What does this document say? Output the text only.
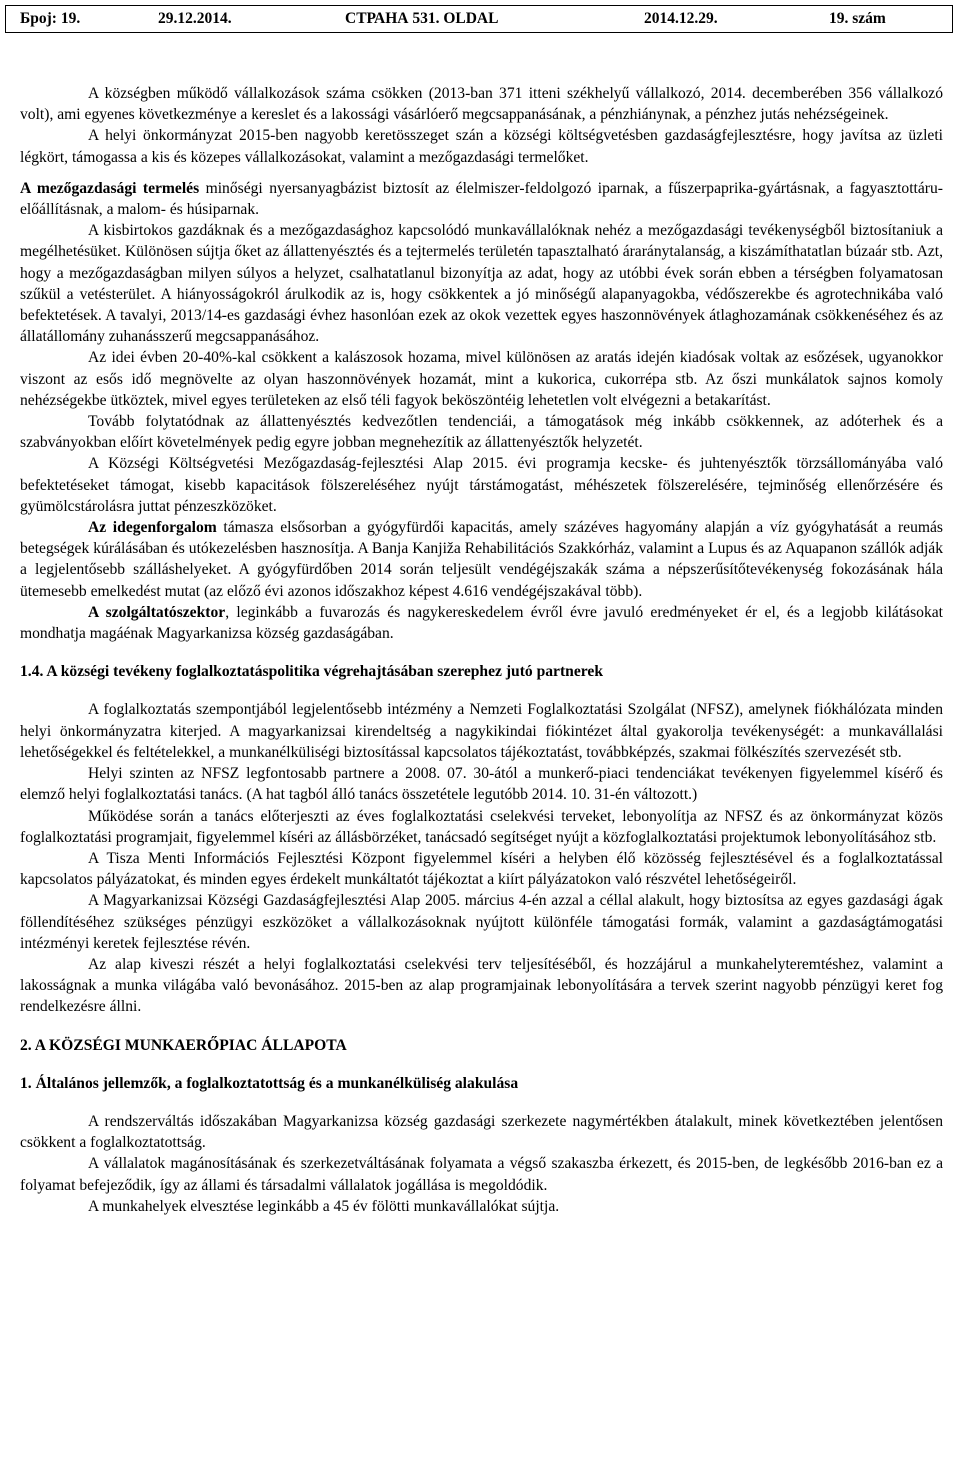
Број: 19.	29.12.2014.	СТРАНА 531. OLDAL	2014.12.29.	19. szám

A községben működő vállalkozások száma csökken (2013-ban 371 itteni székhelyű vállalkozó, 2014. decemberében 356 vállalkozó volt), ami egyenes következménye a kereslet és a lakossági vásárlóerő megcsappanásának, a pénzhiánynak, a pénzhez jutás nehézségeinek.

A helyi önkormányzat 2015-ben nagyobb keretösszeget szán a községi költségvetésben gazdaságfejlesztésre, hogy javítsa az üzleti légkört, támogassa a kis és közepes vállalkozásokat, valamint a mezőgazdasági termelőket.

A mezőgazdasági termelés minőségi nyersanyagbázist biztosít az élelmiszer-feldolgozó iparnak, a fűszerpaprika-gyártásnak, a fagyasztottáru-előállításnak, a malom- és húsiparnak.

A kisbirtokos gazdáknak és a mezőgazdasághoz kapcsolódó munkavállalóknak nehéz a mezőgazdasági tevékenységből biztosítaniuk a megélhetésüket. Különösen sújtja őket az állattenyésztés és a tejtermelés területén tapasztalható áraránytalanság, a kiszámíthatatlan búzaár stb. Azt, hogy a mezőgazdaságban milyen súlyos a helyzet, csalhatatlanul bizonyítja az adat, hogy az utóbbi évek során ebben a térségben folyamatosan szűkül a vetésterület. A hiányosságokról árulkodik az is, hogy csökkentek a jó minőségű alapanyagokba, védőszerekbe és agrotechnikába való befektetések. A tavalyi, 2013/14-es gazdasági évhez hasonlóan ezek az okok vezettek egyes haszonnövények átlaghozamának csökkenéséhez és az állatállomány zuhanásszerű megcsappanásához.

Az idei évben 20-40%-kal csökkent a kalászosok hozama, mivel különösen az aratás idején kiadósak voltak az esőzések, ugyanokkor viszont az esős idő megnövelte az olyan haszonnövények hozamát, mint a kukorica, cukorrépa stb. Az őszi munkálatok sajnos komoly nehézségekbe ütköztek, mivel egyes területeken az első téli fagyok beköszöntéig lehetetlen volt elvégezni a betakarítást.

Tovább folytatódnak az állattenyésztés kedvezőtlen tendenciái, a támogatások még inkább csökkennek, az adóterhek és a szabványokban előírt követelmények pedig egyre jobban megnehezítik az állattenyésztők helyzetét.

A Községi Költségvetési Mezőgazdaság-fejlesztési Alap 2015. évi programja kecske- és juhtenyésztők törzsállományába való befektetéseket támogat, kisebb kapacitások fölszereléséhez nyújt társtámogatást, méhészetek fölszerelésére, tejminőség ellenőrzésére és gyümölcstárolásra juttat pénzeszközöket.

Az idegenforgalom támasza elsősorban a gyógyfürdői kapacitás, amely százéves hagyomány alapján a víz gyógyhatását a reumás betegségek kúrálásában és utókezelésben hasznosítja. A Banja Kanjiža Rehabilitációs Szakkórház, valamint a Lupus és az Aquapanon szállók adják a legjelentősebb szálláshelyeket. A gyógyfürdőben 2014 során teljesült vendégéjszakák száma a népszerűsítőtevékenység fokozásának hála ütemesebb emelkedést mutat (az előző évi azonos időszakhoz képest 4.616 vendégéjszakával több).

A szolgáltatószektor, leginkább a fuvarozás és nagykereskedelem évről évre javuló eredményeket ér el, és a legjobb kilátásokat mondhatja magáénak Magyarkanizsa község gazdaságában.

1.4. A községi tevékeny foglalkoztatáspolitika végrehajtásában szerephez jutó partnerek

A foglalkoztatás szempontjából legjelentősebb intézmény a Nemzeti Foglalkoztatási Szolgálat (NFSZ), amelynek fiókhálózata minden helyi önkormányzatra kiterjed. A magyarkanizsai kirendeltség a nagykikindai fiókintézet által gyakorolja tevékenységét: a munkavállalási lehetőségekkel és feltételekkel, a munkanélküliségi biztosítással kapcsolatos tájékoztatást, továbbképzés, szakmai fölkészítés szervezését stb.

Helyi szinten az NFSZ legfontosabb partnere a 2008. 07. 30-ától a munkerő-piaci tendenciákat tevékenyen figyelemmel kísérő és elemző helyi foglalkoztatási tanács. (A hat tagból álló tanács összetétele legutóbb 2014. 10. 31-én változott.)

Működése során a tanács előterjeszti az éves foglalkoztatási cselekvési terveket, lebonyolítja az NFSZ és az önkormányzat közös foglalkoztatási programjait, figyelemmel kíséri az állásbörzéket, tanácsadó segítséget nyújt a közfoglalkoztatási projektumok lebonyolításához stb.

A Tisza Menti Információs Fejlesztési Központ figyelemmel kíséri a helyben élő közösség fejlesztésével és a foglalkoztatással kapcsolatos pályázatokat, és minden egyes érdekelt munkáltatót tájékoztat a kiírt pályázatokon való részvétel lehetőségeiről.

A Magyarkanizsai Községi Gazdaságfejlesztési Alap 2005. március 4-én azzal a céllal alakult, hogy biztosítsa az egyes gazdasági ágak föllendítéséhez szükséges pénzügyi eszközöket a vállalkozásoknak nyújtott különféle támogatási formák, valamint a gazdaságtámogatási intézményi keretek fejlesztése révén.

Az alap kiveszi részét a helyi foglalkoztatási cselekvési terv teljesítéséből, és hozzájárul a munkahelyteremtéshez, valamint a lakosságnak a munka világába való bevonásához. 2015-ben az alap programjainak lebonyolítására a tervek szerint nagyobb pénzügyi keret fog rendelkezésre állni.

2. A KÖZSÉGI MUNKAERŐPIAC ÁLLAPOTA

1. Általános jellemzők, a foglalkoztatottság és a munkanélküliség alakulása

A rendszerváltás időszakában Magyarkanizsa község gazdasági szerkezete nagymértékben átalakult, minek következtében jelentősen csökkent a foglalkoztatottság.

A vállalatok magánosításának és szerkezetváltásának folyamata a végső szakaszba érkezett, és 2015-ben, de legkésőbb 2016-ban ez a folyamat befejeződik, így az állami és társadalmi vállalatok jogállása is megoldódik.

A munkahelyek elvesztése leginkább a 45 év fölötti munkavállalókat sújtja.
